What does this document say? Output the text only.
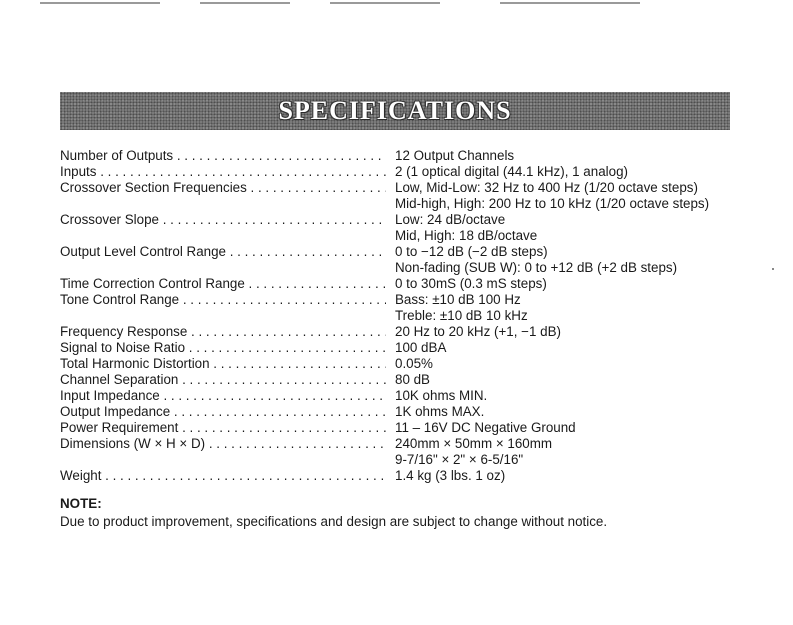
SPECIFICATIONS
Number of Outputs . . .	12 Output Channels
Inputs . . .	2 (1 optical digital (44.1 kHz), 1 analog)
Crossover Section Frequencies . . .	Low, Mid-Low: 32 Hz to 400 Hz (1/20 octave steps)
Mid-high, High: 200 Hz to 10 kHz (1/20 octave steps)
Crossover Slope . . .	Low: 24 dB/octave
Mid, High: 18 dB/octave
Output Level Control Range . . .	0 to −12 dB (−2 dB steps)
Non-fading (SUB W): 0 to +12 dB (+2 dB steps)
Time Correction Control Range . . .	0 to 30mS (0.3 mS steps)
Tone Control Range . . .	Bass: ±10 dB 100 Hz
Treble: ±10 dB 10 kHz
Frequency Response . . .	20 Hz to 20 kHz (+1, −1 dB)
Signal to Noise Ratio . . .	100 dBA
Total Harmonic Distortion . . .	0.05%
Channel Separation . . .	80 dB
Input Impedance . . .	10K ohms MIN.
Output Impedance . . .	1K ohms MAX.
Power Requirement . . .	11 – 16V DC Negative Ground
Dimensions (W × H × D) . . .	240mm × 50mm × 160mm
9-7/16" × 2" × 6-5/16"
Weight . . .	1.4 kg (3 lbs. 1 oz)
NOTE:
Due to product improvement, specifications and design are subject to change without notice.
